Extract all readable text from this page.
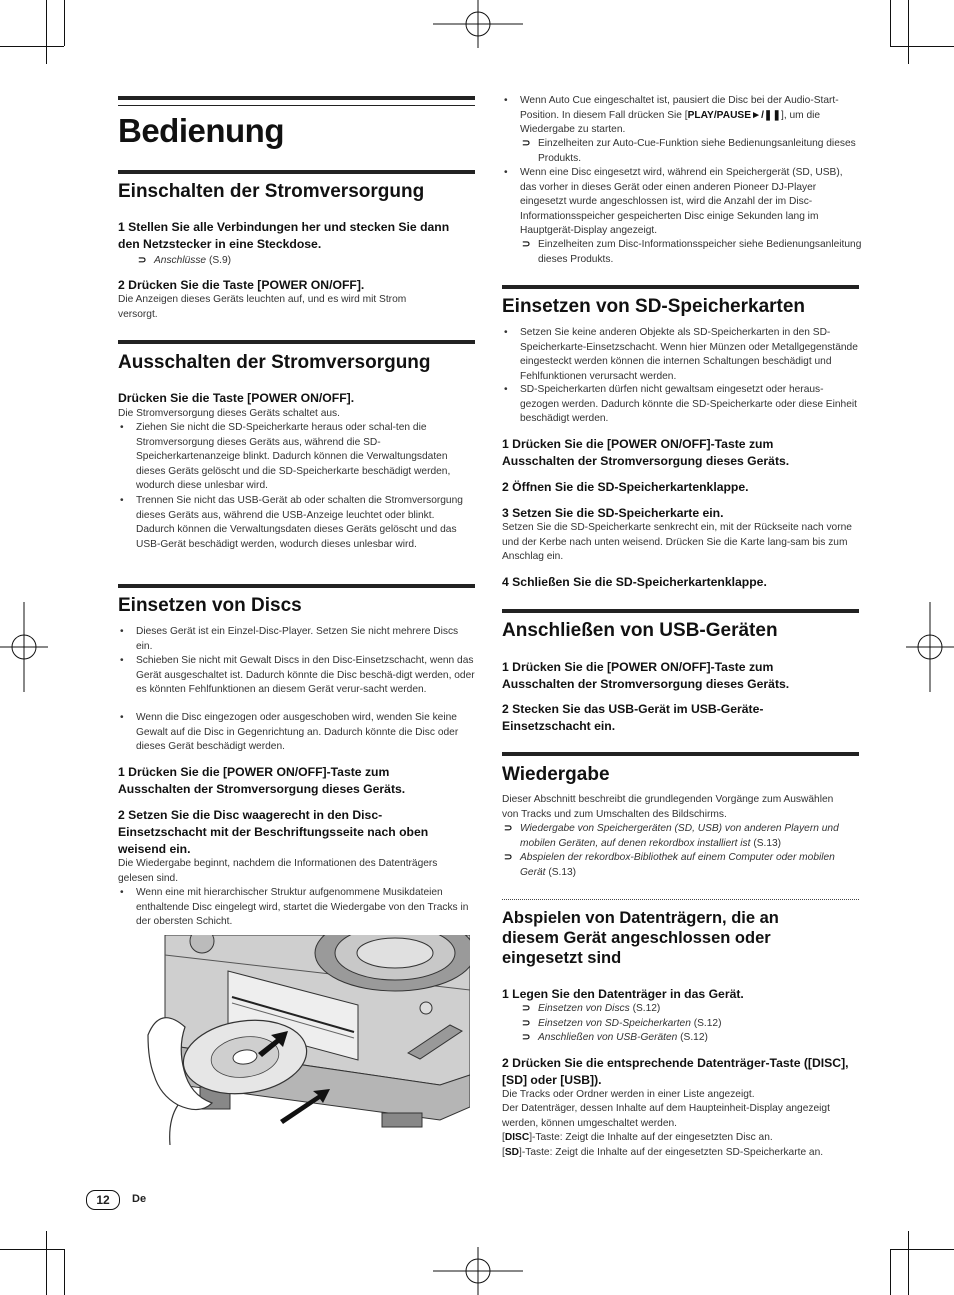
Bedienung
Einschalten der Stromversorgung
1 Stellen Sie alle Verbindungen her und stecken Sie dann den Netzstecker in eine Steckdose.
⊃ Anschlüsse (S.9)
2 Drücken Sie die Taste [POWER ON/OFF].
Die Anzeigen dieses Geräts leuchten auf, und es wird mit Strom versorgt.
Ausschalten der Stromversorgung
Drücken Sie die Taste [POWER ON/OFF].
Die Stromversorgung dieses Geräts schaltet aus.
• Ziehen Sie nicht die SD-Speicherkarte heraus oder schal-ten die Stromversorgung dieses Geräts aus, während die SD-Speicherkartenanzeige blinkt. Dadurch können die Verwaltungsdaten dieses Geräts gelöscht und die SD-Speicherkarte beschädigt werden, wodurch diese unlesbar wird.
• Trennen Sie nicht das USB-Gerät ab oder schalten die Stromversorgung dieses Geräts aus, während die USB-Anzeige leuchtet oder blinkt. Dadurch können die Verwaltungsdaten dieses Geräts gelöscht und das USB-Gerät beschädigt werden, wodurch dieses unlesbar wird.
Einsetzen von Discs
• Dieses Gerät ist ein Einzel-Disc-Player. Setzen Sie nicht mehrere Discs ein.
• Schieben Sie nicht mit Gewalt Discs in den Disc-Einsetzschacht, wenn das Gerät ausgeschaltet ist. Dadurch könnte die Disc beschä-digt werden, oder es könnten Fehlfunktionen an diesem Gerät verur-sacht werden.
• Wenn die Disc eingezogen oder ausgeschoben wird, wenden Sie keine Gewalt auf die Disc in Gegenrichtung an. Dadurch könnte die Disc oder dieses Gerät beschädigt werden.
1 Drücken Sie die [POWER ON/OFF]-Taste zum Ausschalten der Stromversorgung dieses Geräts.
2 Setzen Sie die Disc waagerecht in den Disc-Einsetzschacht mit der Beschriftungsseite nach oben weisend ein.
Die Wiedergabe beginnt, nachdem die Informationen des Datenträgers gelesen sind.
• Wenn eine mit hierarchischer Struktur aufgenommene Musikdateien enthaltende Disc eingelegt wird, startet die Wiedergabe von den Tracks in der obersten Schicht.
• Wenn Auto Cue eingeschaltet ist, pausiert die Disc bei der Audio-Start-Position. In diesem Fall drücken Sie [PLAY/PAUSE►/❚❚], um die Wiedergabe zu starten.
⊃ Einzelheiten zur Auto-Cue-Funktion siehe Bedienungsanleitung dieses Produkts.
• Wenn eine Disc eingesetzt wird, während ein Speichergerät (SD, USB), das vorher in dieses Gerät oder einen anderen Pioneer DJ-Player eingesetzt wurde angeschlossen ist, wird die Anzahl der im Disc-Informationsspeicher gespeicherten Disc einige Sekunden lang im Hauptgerät-Display angezeigt.
⊃ Einzelheiten zum Disc-Informationsspeicher siehe Bedienungsanleitung dieses Produkts.
Einsetzen von SD-Speicherkarten
• Setzen Sie keine anderen Objekte als SD-Speicherkarten in den SD-Speicherkarte-Einsetzschacht. Wenn hier Münzen oder Metallgegenstände eingesteckt werden können die internen Schaltungen beschädigt und Fehlfunktionen verursacht werden.
• SD-Speicherkarten dürfen nicht gewaltsam eingesetzt oder heraus-gezogen werden. Dadurch könnte die SD-Speicherkarte oder diese Einheit beschädigt werden.
1 Drücken Sie die [POWER ON/OFF]-Taste zum Ausschalten der Stromversorgung dieses Geräts.
2 Öffnen Sie die SD-Speicherkartenklappe.
3 Setzen Sie die SD-Speicherkarte ein.
Setzen Sie die SD-Speicherkarte senkrecht ein, mit der Rückseite nach vorne und der Kerbe nach unten weisend. Drücken Sie die Karte lang-sam bis zum Anschlag ein.
4 Schließen Sie die SD-Speicherkartenklappe.
Anschließen von USB-Geräten
1 Drücken Sie die [POWER ON/OFF]-Taste zum Ausschalten der Stromversorgung dieses Geräts.
2 Stecken Sie das USB-Gerät im USB-Geräte-Einsetzschacht ein.
Wiedergabe
Dieser Abschnitt beschreibt die grundlegenden Vorgänge zum Auswählen von Tracks und zum Umschalten des Bildschirms.
⊃ Wiedergabe von Speichergeräten (SD, USB) von anderen Playern und mobilen Geräten, auf denen rekordbox installiert ist (S.13)
⊃ Abspielen der rekordbox-Bibliothek auf einem Computer oder mobilen Gerät (S.13)
Abspielen von Datenträgern, die an diesem Gerät angeschlossen oder eingesetzt sind
1 Legen Sie den Datenträger in das Gerät.
⊃ Einsetzen von Discs (S.12)
⊃ Einsetzen von SD-Speicherkarten (S.12)
⊃ Anschließen von USB-Geräten (S.12)
2 Drücken Sie die entsprechende Datenträger-Taste ([DISC], [SD] oder [USB]).
Die Tracks oder Ordner werden in einer Liste angezeigt.
Der Datenträger, dessen Inhalte auf dem Haupteinheit-Display angezeigt werden, können umgeschaltet werden.
[DISC]-Taste: Zeigt die Inhalte auf der eingesetzten Disc an.
[SD]-Taste: Zeigt die Inhalte auf der eingesetzten SD-Speicherkarte an.
12	De
